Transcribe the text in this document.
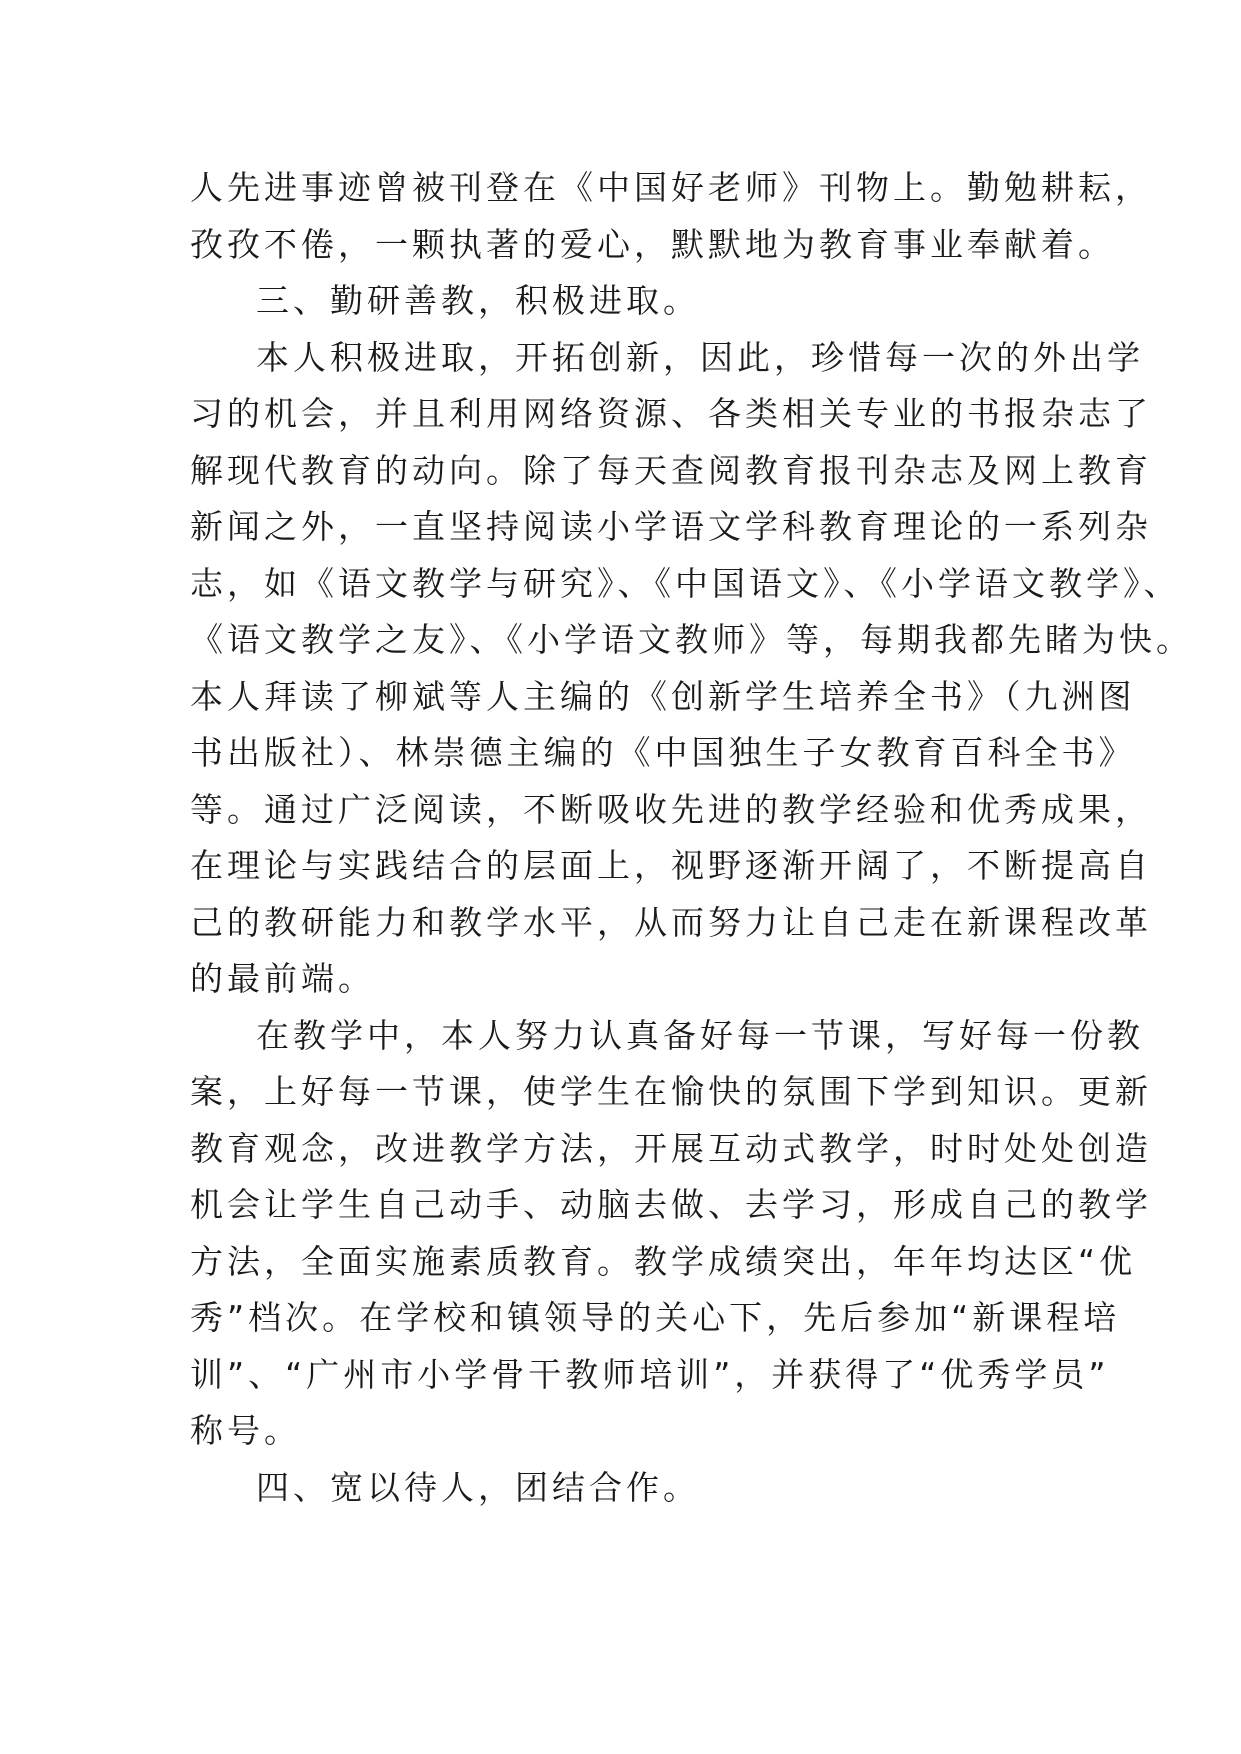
人先进事迹曾被刊登在《中国好老师》刊物上。勤勉耕耘，
孜孜不倦，一颗执著的爱心，默默地为教育事业奉献着。
三、勤研善教，积极进取。
本人积极进取，开拓创新，因此，珍惜每一次的外出学
习的机会，并且利用网络资源、各类相关专业的书报杂志了
解现代教育的动向。除了每天查阅教育报刊杂志及网上教育
新闻之外，一直坚持阅读小学语文学科教育理论的一系列杂
志，如《语文教学与研究》、《中国语文》、《小学语文教学》、
《语文教学之友》、《小学语文教师》等，每期我都先睹为快。
本人拜读了柳斌等人主编的《创新学生培养全书》（九洲图
书出版社）、林崇德主编的《中国独生子女教育百科全书》
等。通过广泛阅读，不断吸收先进的教学经验和优秀成果，
在理论与实践结合的层面上，视野逐渐开阔了，不断提高自
己的教研能力和教学水平，从而努力让自己走在新课程改革
的最前端。
在教学中，本人努力认真备好每一节课，写好每一份教
案，上好每一节课，使学生在愉快的氛围下学到知识。更新
教育观念，改进教学方法，开展互动式教学，时时处处创造
机会让学生自己动手、动脑去做、去学习，形成自己的教学
方法，全面实施素质教育。教学成绩突出，年年均达区“优
秀”档次。在学校和镇领导的关心下，先后参加“新课程培
训”、“广州市小学骨干教师培训”，并获得了“优秀学员”
称号。
四、宽以待人，团结合作。
